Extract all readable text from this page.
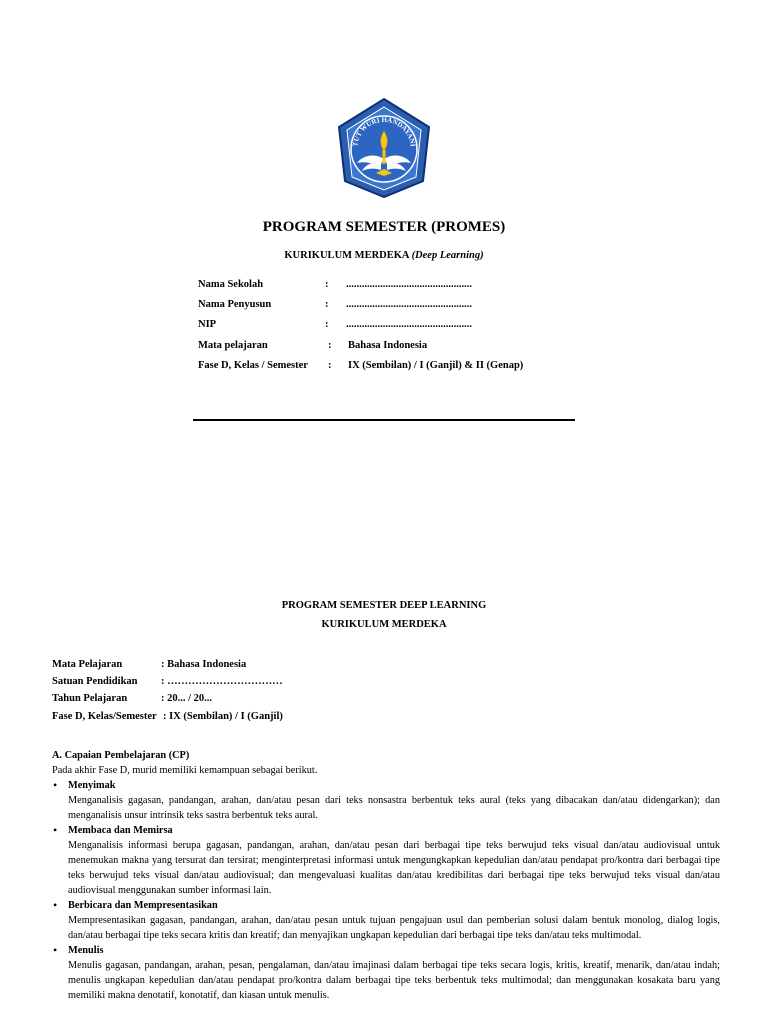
TUT WURI HANDAYANI
PROGRAM SEMESTER (PROMES)
KURIKULUM MERDEKA (Deep Learning)
Nama Sekolah	: ................................................
Nama Penyusun	: ................................................
NIP	: ................................................
Mata pelajaran	: Bahasa Indonesia
Fase D, Kelas / Semester : IX (Sembilan) / I (Ganjil) & II (Genap)
PROGRAM SEMESTER DEEP LEARNING
KURIKULUM MERDEKA
Mata Pelajaran	: Bahasa Indonesia
Satuan Pendidikan : ……………………………
Tahun Pelajaran	: 20... / 20...
Fase D, Kelas/Semester : IX (Sembilan) / I (Ganjil)
A. Capaian Pembelajaran (CP)
Pada akhir Fase D, murid memiliki kemampuan sebagai berikut.
• Menyimak
Menganalisis gagasan, pandangan, arahan, dan/atau pesan dari teks nonsastra berbentuk teks aural (teks yang dibacakan dan/atau didengarkan); dan menganalisis unsur intrinsik teks sastra berbentuk teks aural.
• Membaca dan Memirsa
Menganalisis informasi berupa gagasan, pandangan, arahan, dan/atau pesan dari berbagai tipe teks berwujud teks visual dan/atau audiovisual untuk menemukan makna yang tersurat dan tersirat; menginterpretasi informasi untuk mengungkapkan kepedulian dan/atau pendapat pro/kontra dari berbagai tipe teks berwujud teks visual dan/atau audiovisual; dan mengevaluasi kualitas dan/atau kredibilitas dari berbagai tipe teks berwujud teks visual dan/atau audiovisual menggunakan sumber informasi lain.
• Berbicara dan Mempresentasikan
Mempresentasikan gagasan, pandangan, arahan, dan/atau pesan untuk tujuan pengajuan usul dan pemberian solusi dalam bentuk monolog, dialog logis, dan/atau berbagai tipe teks secara kritis dan kreatif; dan menyajikan ungkapan kepedulian dari berbagai tipe teks dan/atau teks multimodal.
• Menulis
Menulis gagasan, pandangan, arahan, pesan, pengalaman, dan/atau imajinasi dalam berbagai tipe teks secara logis, kritis, kreatif, menarik, dan/atau indah; menulis ungkapan kepedulian dan/atau pendapat pro/kontra dalam berbagai tipe teks berbentuk teks multimodal; dan menggunakan kosakata baru yang memiliki makna denotatif, konotatif, dan kiasan untuk menulis.
